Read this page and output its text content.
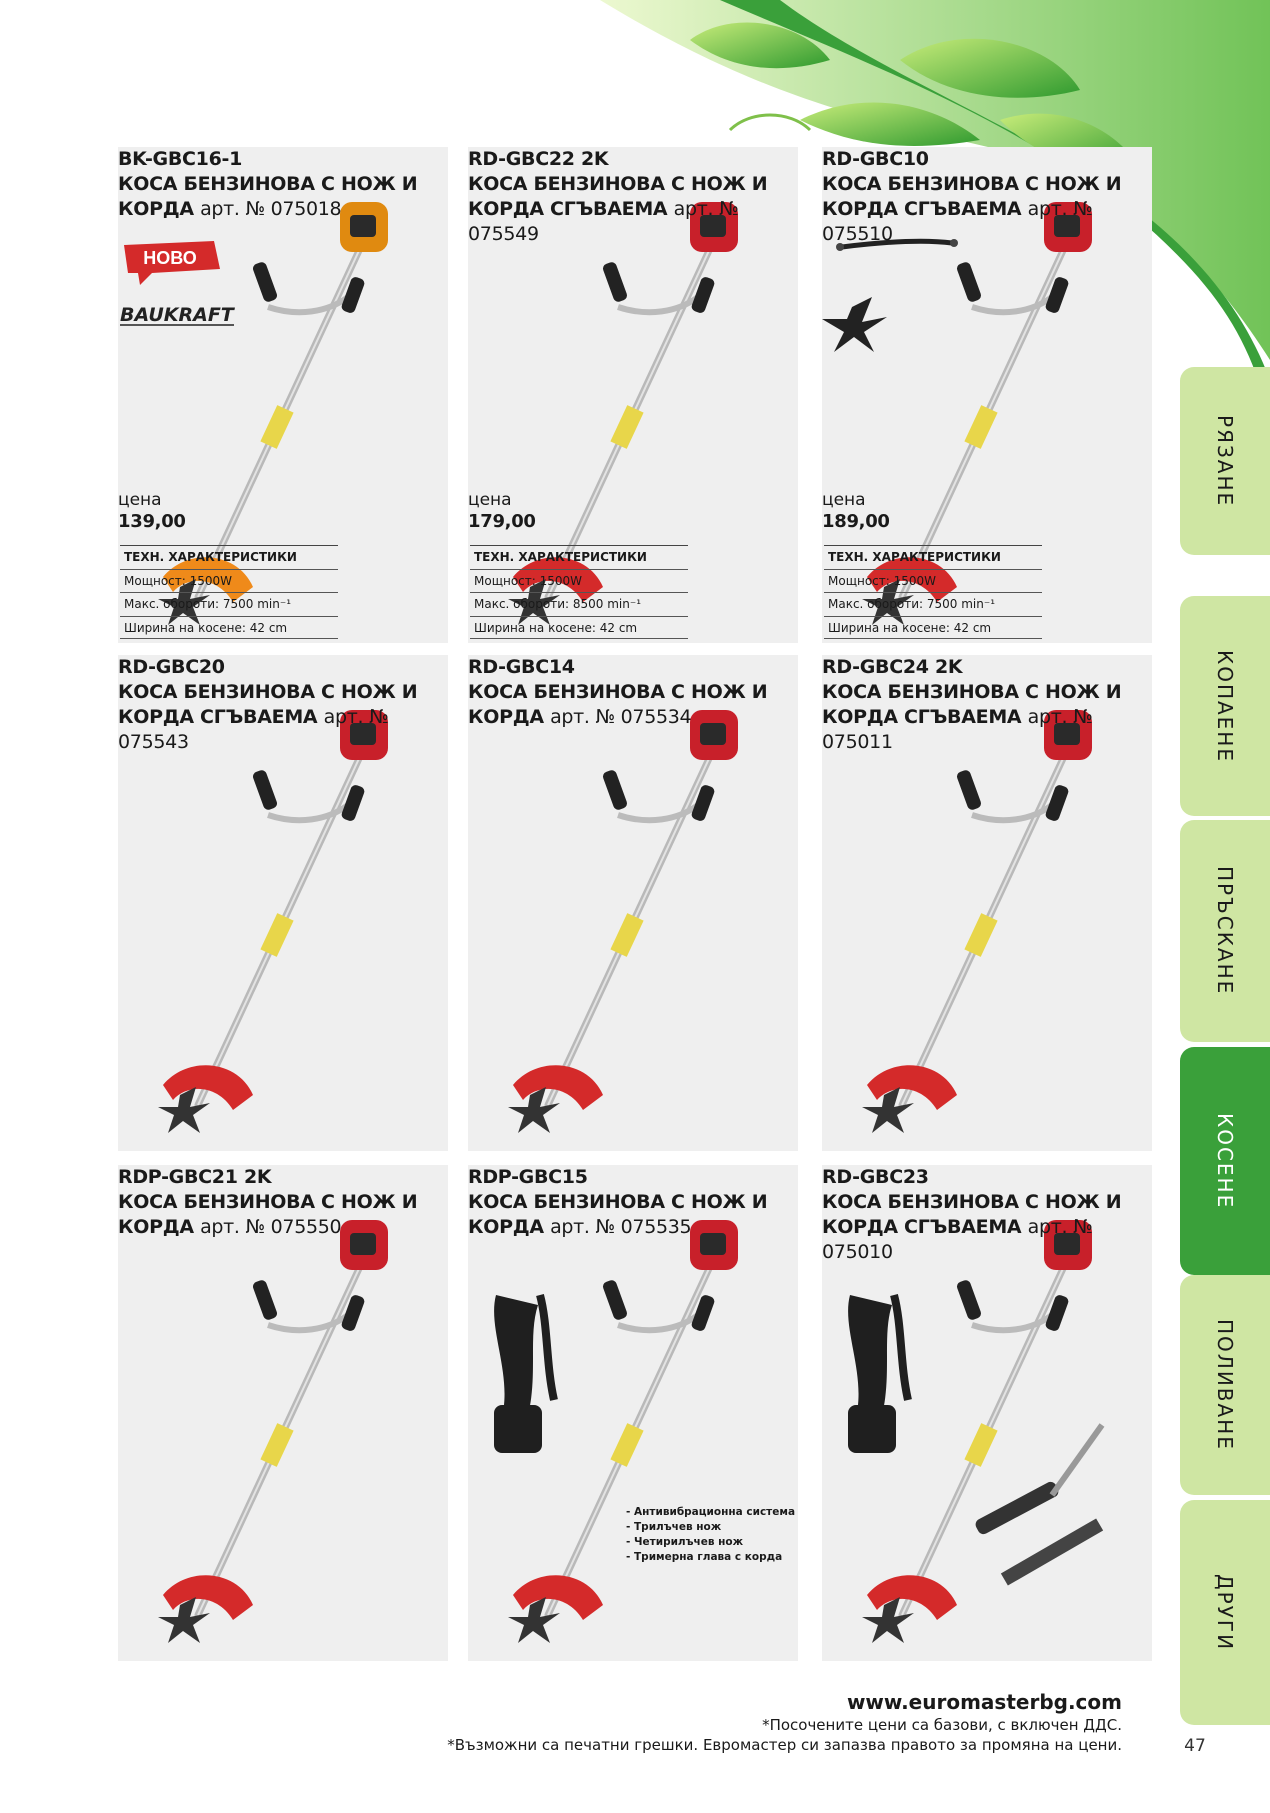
BK-GBC16-1
КОСА БЕНЗИНОВА С НОЖ И КОРДА арт. № 075018
НОВО
BAUKRAFT
цена
139,00
ТЕХН. ХАРАКТЕРИСТИКИ
Мощност: 1500W
Макс. обороти: 7500 min⁻¹
Ширина на косене: 42 cm
RD-GBC22 2K
КОСА БЕНЗИНОВА С НОЖ И КОРДА СГЪВАЕМА арт. № 075549
цена
179,00
ТЕХН. ХАРАКТЕРИСТИКИ
Мощност: 1500W
Макс. обороти: 8500 min⁻¹
Ширина на косене: 42 cm
RD-GBC10
КОСА БЕНЗИНОВА С НОЖ И КОРДА СГЪВАЕМА арт. № 075510
цена
189,00
ТЕХН. ХАРАКТЕРИСТИКИ
Мощност: 1500W
Макс. обороти: 7500 min⁻¹
Ширина на косене: 42 cm
RD-GBC20
КОСА БЕНЗИНОВА С НОЖ И КОРДА СГЪВАЕМА арт. № 075543
RD-GBC14
КОСА БЕНЗИНОВА С НОЖ И КОРДА арт. № 075534
RD-GBC24 2K
КОСА БЕНЗИНОВА С НОЖ И КОРДА СГЪВАЕМА арт. № 075011
RDP-GBC21 2K
КОСА БЕНЗИНОВА С НОЖ И КОРДА арт. № 075550
RDP-GBC15
КОСА БЕНЗИНОВА С НОЖ И КОРДА арт. № 075535
- Антивибрационна система
- Трилъчев нож
- Четирилъчев нож
- Тримерна глава с корда
RD-GBC23
КОСА БЕНЗИНОВА С НОЖ И КОРДА СГЪВАЕМА арт. № 075010
РЯЗАНЕ
КОПАЕНЕ
ПРЪСКАНЕ
КОСЕНЕ
ПОЛИВАНЕ
ДРУГИ
www.euromasterbg.com
*Посочените цени са базови, с включен ДДС.
*Възможни са печатни грешки. Евромастер си запазва правото за промяна на цени.	47
